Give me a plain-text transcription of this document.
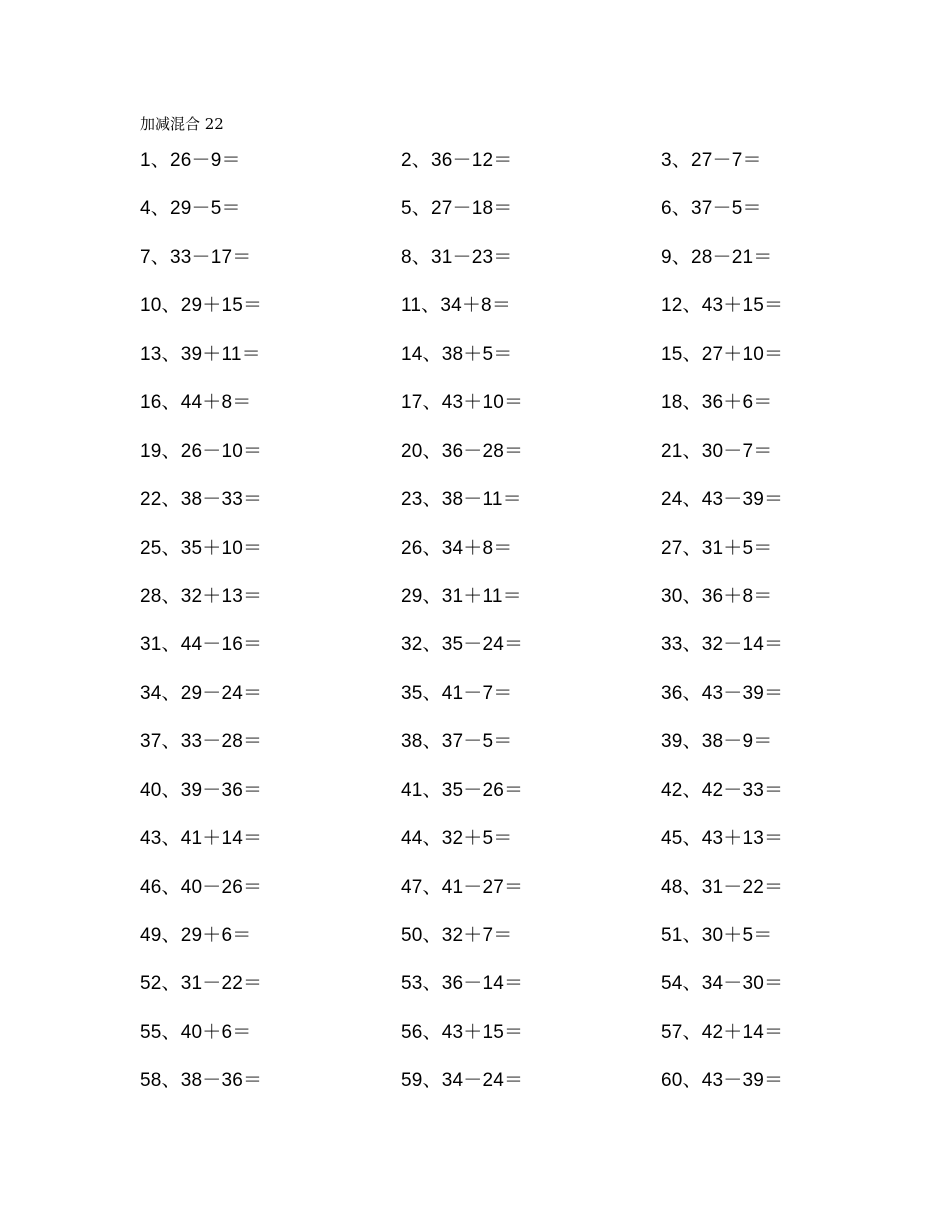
加减混合 22
1、26－9＝	2、36－12＝	3、27－7＝
4、29－5＝	5、27－18＝	6、37－5＝
7、33－17＝	8、31－23＝	9、28－21＝
10、29＋15＝	11、34＋8＝	12、43＋15＝
13、39＋11＝	14、38＋5＝	15、27＋10＝
16、44＋8＝	17、43＋10＝	18、36＋6＝
19、26－10＝	20、36－28＝	21、30－7＝
22、38－33＝	23、38－11＝	24、43－39＝
25、35＋10＝	26、34＋8＝	27、31＋5＝
28、32＋13＝	29、31＋11＝	30、36＋8＝
31、44－16＝	32、35－24＝	33、32－14＝
34、29－24＝	35、41－7＝	36、43－39＝
37、33－28＝	38、37－5＝	39、38－9＝
40、39－36＝	41、35－26＝	42、42－33＝
43、41＋14＝	44、32＋5＝	45、43＋13＝
46、40－26＝	47、41－27＝	48、31－22＝
49、29＋6＝	50、32＋7＝	51、30＋5＝
52、31－22＝	53、36－14＝	54、34－30＝
55、40＋6＝	56、43＋15＝	57、42＋14＝
58、38－36＝	59、34－24＝	60、43－39＝
